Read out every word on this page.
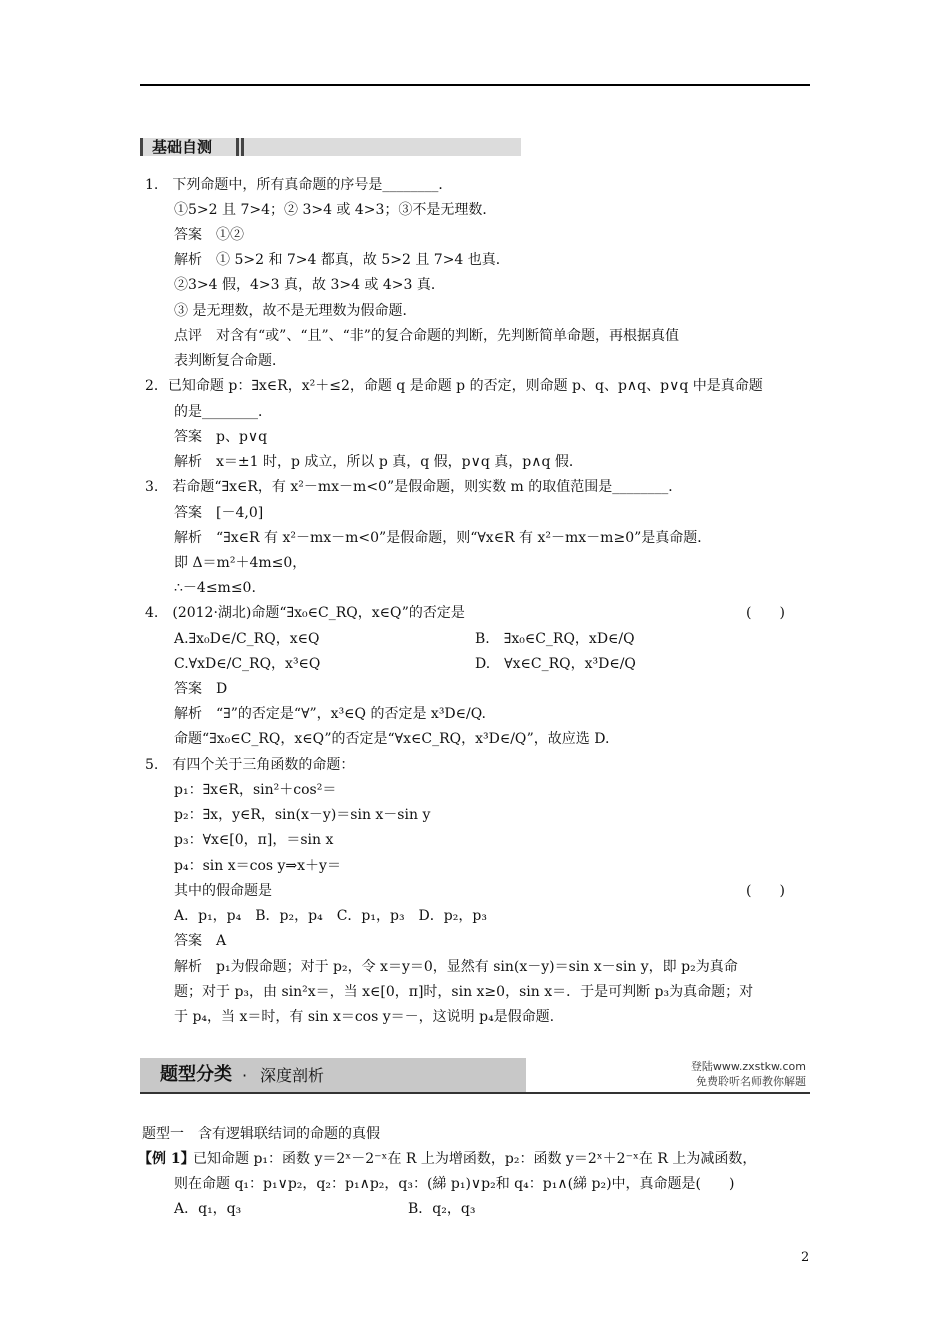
基础自测
1.　下列命题中，所有真命题的序号是________．
①5>2 且 7>4；② 3>4 或 4>3；③不是无理数．
答案　①②
解析　① 5>2 和 7>4 都真，故 5>2 且 7>4 也真．
②3>4 假，4>3 真，故 3>4 或 4>3 真．
③ 是无理数，故不是无理数为假命题．
点评　对含有“或”、“且”、“非”的复合命题的判断，先判断简单命题，再根据真值
表判断复合命题．
2．已知命题 p：∃x∈R，x²＋≤2，命题 q 是命题 p 的否定，则命题 p、q、p∧q、p∨q 中是真命题
的是________．
答案　p、p∨q
解析　x＝±1 时，p 成立，所以 p 真，q 假，p∨q 真，p∧q 假．
3.　若命题“∃x∈R，有 x²－mx－m<0”是假命题，则实数 m 的取值范围是________．
答案　[－4,0]
解析　“∃x∈R 有 x²－mx－m<0”是假命题，则“∀x∈R 有 x²－mx－m≥0”是真命题．
即 Δ＝m²＋4m≤0，
∴－4≤m≤0.
4.　(2012·湖北)命题“∃x₀∈C_RQ，x∈Q”的否定是	(　　)
A.∃x₀D∈/C_RQ，x∈Q	B.　∃x₀∈C_RQ，xD∈/Q
C.∀xD∈/C_RQ，x³∈Q	D.　∀x∈C_RQ，x³D∈/Q
答案　D
解析　“∃”的否定是“∀”，x³∈Q 的否定是 x³D∈/Q.
命题“∃x₀∈C_RQ，x∈Q”的否定是“∀x∈C_RQ，x³D∈/Q”，故应选 D.
5.　有四个关于三角函数的命题：
p₁：∃x∈R，sin²＋cos²＝
p₂：∃x，y∈R，sin(x－y)＝sin x－sin y
p₃：∀x∈[0，π]，＝sin x
p₄：sin x＝cos y⇒x＋y＝
其中的假命题是	(　　)
A．p₁，p₄　B．p₂，p₄　C．p₁，p₃　D．p₂，p₃
答案　A
解析　p₁为假命题；对于 p₂，令 x＝y＝0，显然有 sin(x－y)＝sin x－sin y，即 p₂为真命
题；对于 p₃，由 sin²x＝，当 x∈[0，π]时，sin x≥0，sin x＝．于是可判断 p₃为真命题；对
于 p₄，当 x＝时，有 sin x＝cos y＝－，这说明 p₄是假命题.
题型分类 · 深度剖析	登陆www.zxstkw.com
免费聆听名师教你解题
题型一　含有逻辑联结词的命题的真假
【例 1】
已知命题 p₁：函数 y＝2ˣ－2⁻ˣ在 R 上为增函数，p₂：函数 y＝2ˣ＋2⁻ˣ在 R 上为减函数，
则在命题 q₁：p₁∨p₂，q₂：p₁∧p₂，q₃：(綈 p₁)∨p₂和 q₄：p₁∧(綈 p₂)中，真命题是(　　)
A．q₁，q₃	B．q₂，q₃
2
